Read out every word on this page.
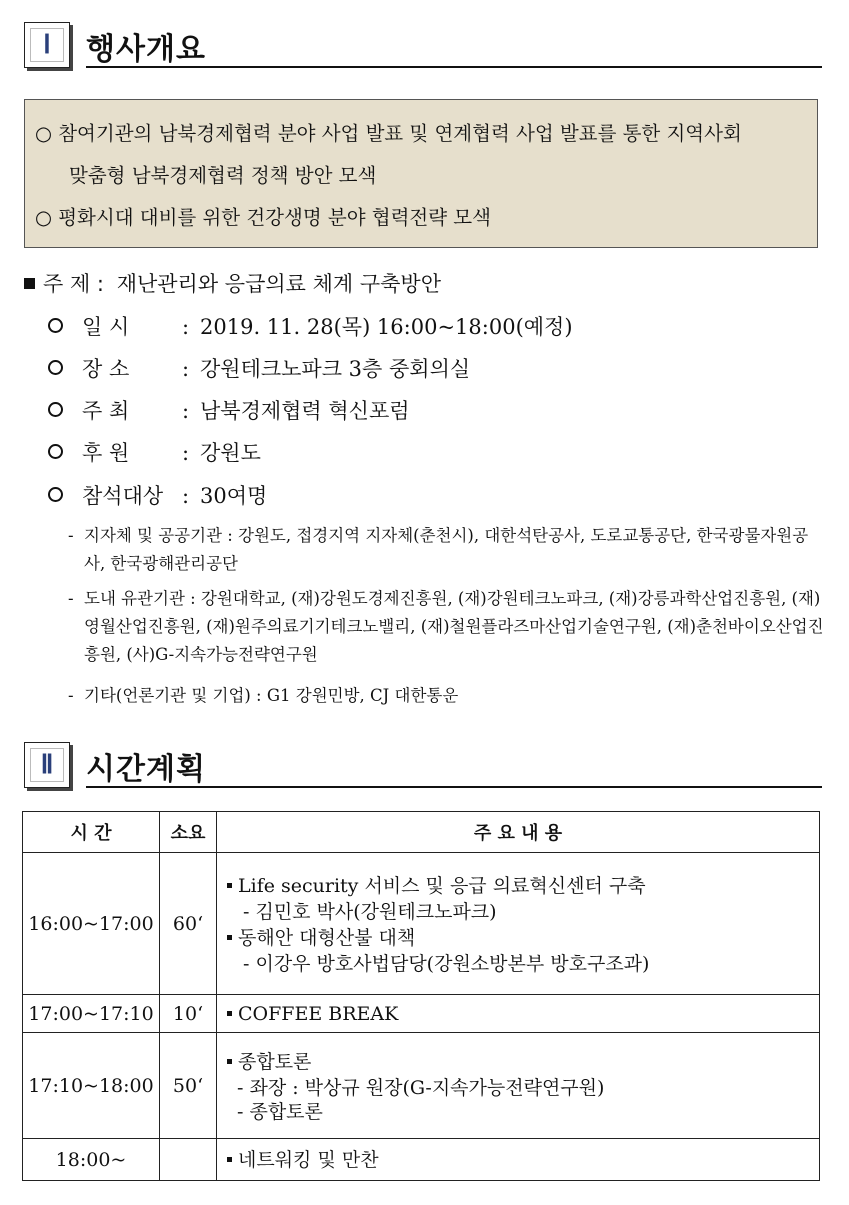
Ⅰ	행사개요
○ 참여기관의 남북경제협력 분야 사업 발표 및 연계협력 사업 발표를 통한 지역사회
맞춤형 남북경제협력 정책 방안 모색
○ 평화시대 대비를 위한 건강생명 분야 협력전략 모색
주 제 : 재난관리와 응급의료 체계 구축방안
일 시	: 2019. 11. 28(목) 16:00~18:00(예정)
장 소	: 강원테크노파크 3층 중회의실
주 최	: 남북경제협력 혁신포럼
후 원	: 강원도
참석대상 : 30여명
- 지자체 및 공공기관 : 강원도, 접경지역 지자체(춘천시), 대한석탄공사, 도로교통공단, 한국광물자원공사, 한국광해관리공단
- 도내 유관기관 : 강원대학교, (재)강원도경제진흥원, (재)강원테크노파크, (재)강릉과학산업진흥원, (재)영월산업진흥원, (재)원주의료기기테크노밸리, (재)철원플라즈마산업기술연구원, (재)춘천바이오산업진흥원, (사)G-지속가능전략연구원
- 기타(언론기관 및 기업) : G1 강원민방, CJ 대한통운
Ⅱ	시간계획
시 간	소요	주 요 내 용
16:00~17:00	60‘	Life security 서비스 및 응급 의료혁신센터 구축
- 김민호 박사(강원테크노파크)
동해안 대형산불 대책
- 이강우 방호사법담당(강원소방본부 방호구조과)

17:00~17:10	10‘	COFFEE BREAK

17:10~18:00	50‘	종합토론
- 좌장 : 박상규 원장(G-지속가능전략연구원)
- 종합토론

18:00~		네트워킹 및 만찬
